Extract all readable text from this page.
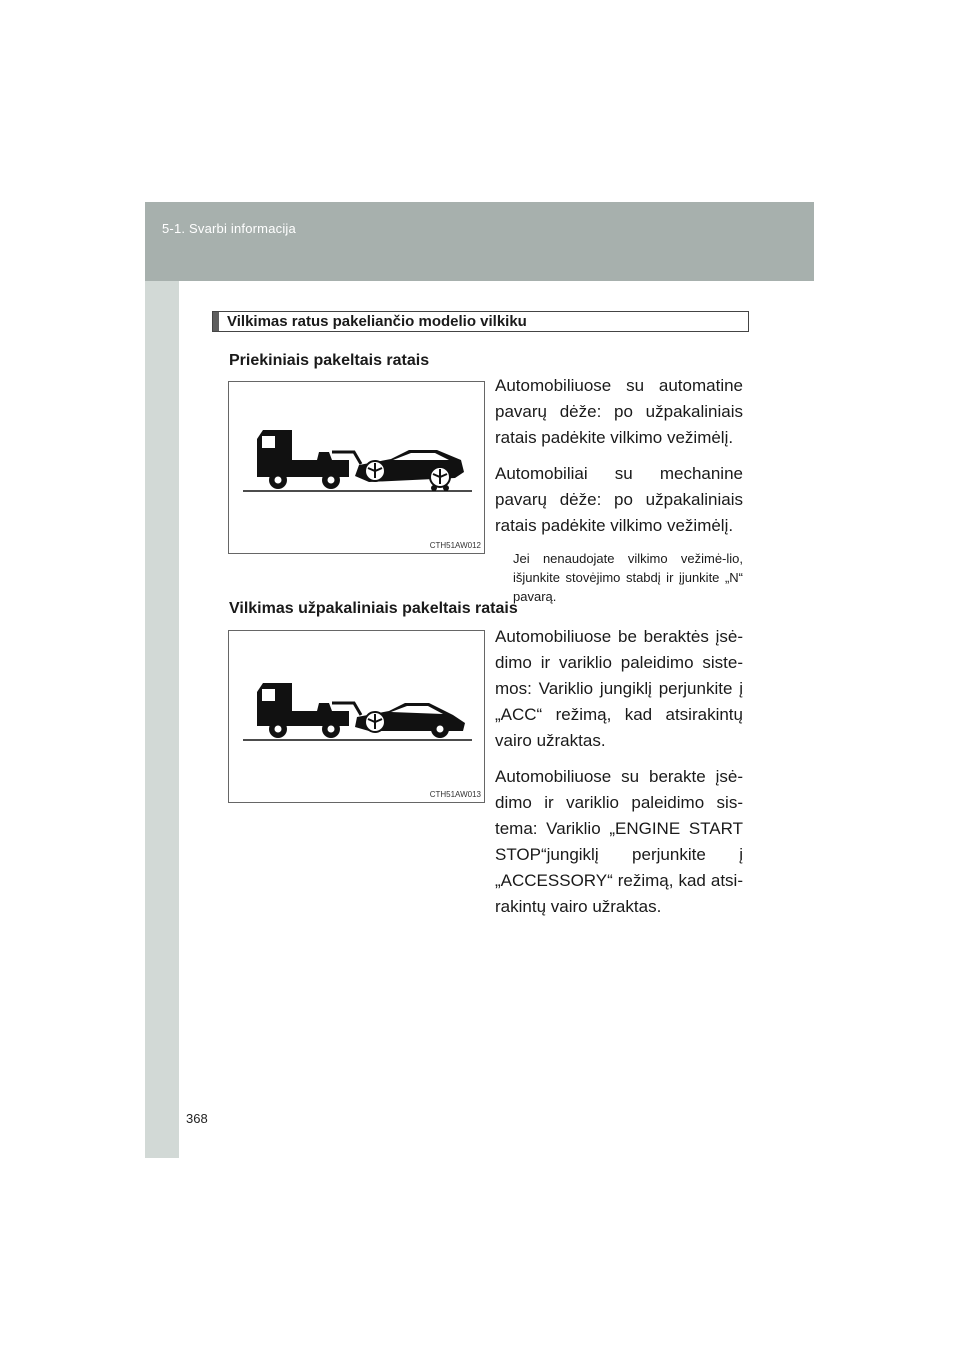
5-1. Svarbi informacija
368
Vilkimas ratus pakeliančio modelio vilkiku
Priekiniais pakeltais ratais
CTH51AW012

Automobiliuose su automatine pavarų dėže: po užpakaliniais ratais padėkite vilkimo vežimėlį.

Automobiliai su mechanine pavarų dėže: po užpakaliniais ratais padėkite vilkimo vežimėlį.

Jei nenaudojate vilkimo vežimė-lio, išjunkite stovėjimo stabdį ir įjunkite „N“ pavarą.

Vilkimas užpakaliniais pakeltais ratais
CTH51AW013

Automobiliuose be beraktės įsė-dimo ir variklio paleidimo siste-mos: Variklio jungiklį perjunkite į „ACC“ režimą, kad atsirakintų vairo užraktas.

Automobiliuose su berakte įsė-dimo ir variklio paleidimo sis-tema: Variklio „ENGINE START STOP“jungiklį perjunkite į „ACCESSORY“ režimą, kad atsi-rakintų vairo užraktas.
